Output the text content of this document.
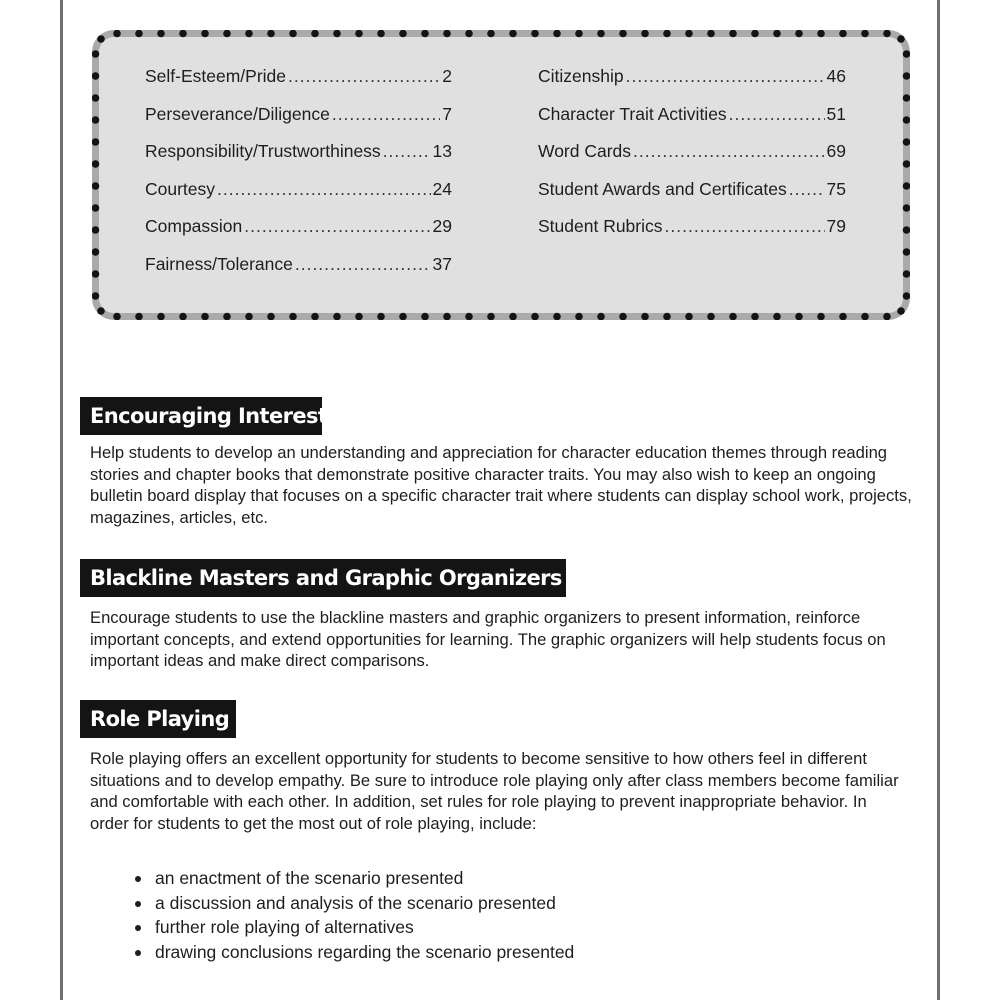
Self-Esteem/Pride .....	2
Perseverance/Diligence .....	7
Responsibility/Trustworthiness .....	13
Courtesy .....	24
Compassion .....	29
Fairness/Tolerance .....	37
Citizenship .....	46
Character Trait Activities .....	51
Word Cards .....	69
Student Awards and Certificates ..... 75
Student Rubrics .....	79
Encouraging Interest

Help students to develop an understanding and appreciation for character education themes through reading stories and chapter books that demonstrate positive character traits. You may also wish to keep an ongoing bulletin board display that focuses on a specific character trait where students can display school work, projects, magazines, articles, etc.

Blackline Masters and Graphic Organizers

Encourage students to use the blackline masters and graphic organizers to present information, reinforce important concepts, and extend opportunities for learning. The graphic organizers will help students focus on important ideas and make direct comparisons.

Role Playing

Role playing offers an excellent opportunity for students to become sensitive to how others feel in different situations and to develop empathy. Be sure to introduce role playing only after class members become familiar and comfortable with each other. In addition, set rules for role playing to prevent inappropriate behavior. In order for students to get the most out of role playing, include:

an enactment of the scenario presented
a discussion and analysis of the scenario presented
further role playing of alternatives
drawing conclusions regarding the scenario presented
